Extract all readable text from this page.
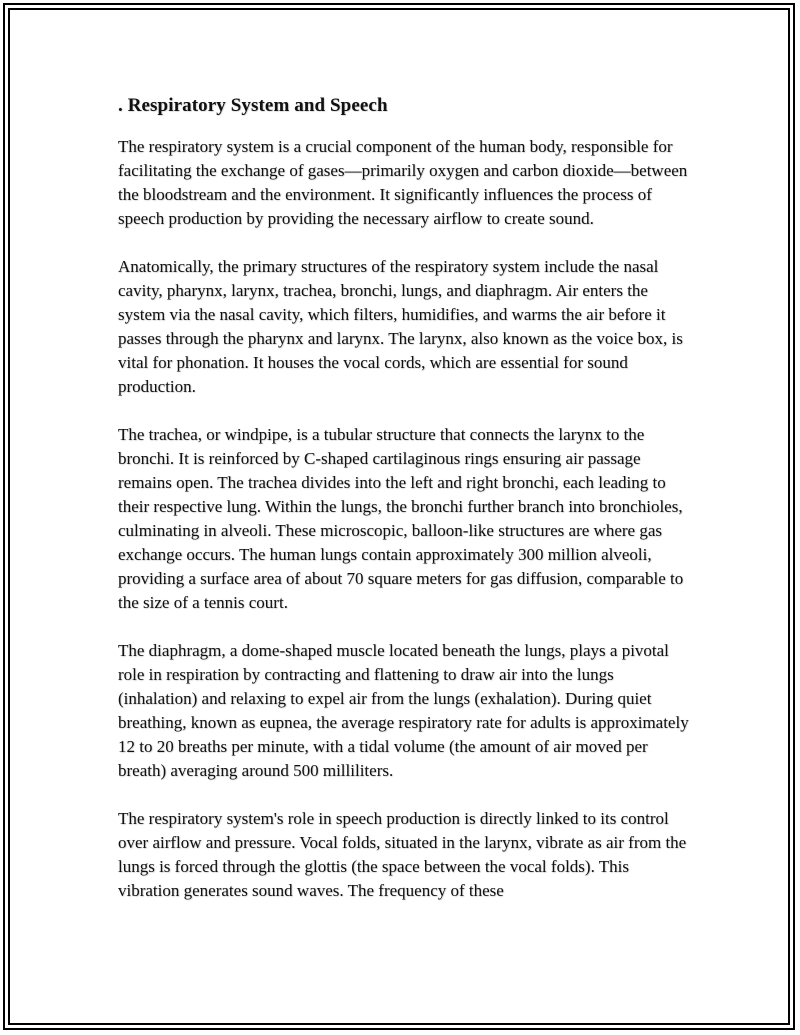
. Respiratory System and Speech

The respiratory system is a crucial component of the human body, responsible for facilitating the exchange of gases—primarily oxygen and carbon dioxide—between the bloodstream and the environment. It significantly influences the process of speech production by providing the necessary airflow to create sound.

Anatomically, the primary structures of the respiratory system include the nasal cavity, pharynx, larynx, trachea, bronchi, lungs, and diaphragm. Air enters the system via the nasal cavity, which filters, humidifies, and warms the air before it passes through the pharynx and larynx. The larynx, also known as the voice box, is vital for phonation. It houses the vocal cords, which are essential for sound production.

The trachea, or windpipe, is a tubular structure that connects the larynx to the bronchi. It is reinforced by C-shaped cartilaginous rings ensuring air passage remains open. The trachea divides into the left and right bronchi, each leading to their respective lung. Within the lungs, the bronchi further branch into bronchioles, culminating in alveoli. These microscopic, balloon-like structures are where gas exchange occurs. The human lungs contain approximately 300 million alveoli, providing a surface area of about 70 square meters for gas diffusion, comparable to the size of a tennis court.

The diaphragm, a dome-shaped muscle located beneath the lungs, plays a pivotal role in respiration by contracting and flattening to draw air into the lungs (inhalation) and relaxing to expel air from the lungs (exhalation). During quiet breathing, known as eupnea, the average respiratory rate for adults is approximately 12 to 20 breaths per minute, with a tidal volume (the amount of air moved per breath) averaging around 500 milliliters.

The respiratory system's role in speech production is directly linked to its control over airflow and pressure. Vocal folds, situated in the larynx, vibrate as air from the lungs is forced through the glottis (the space between the vocal folds). This vibration generates sound waves. The frequency of these
